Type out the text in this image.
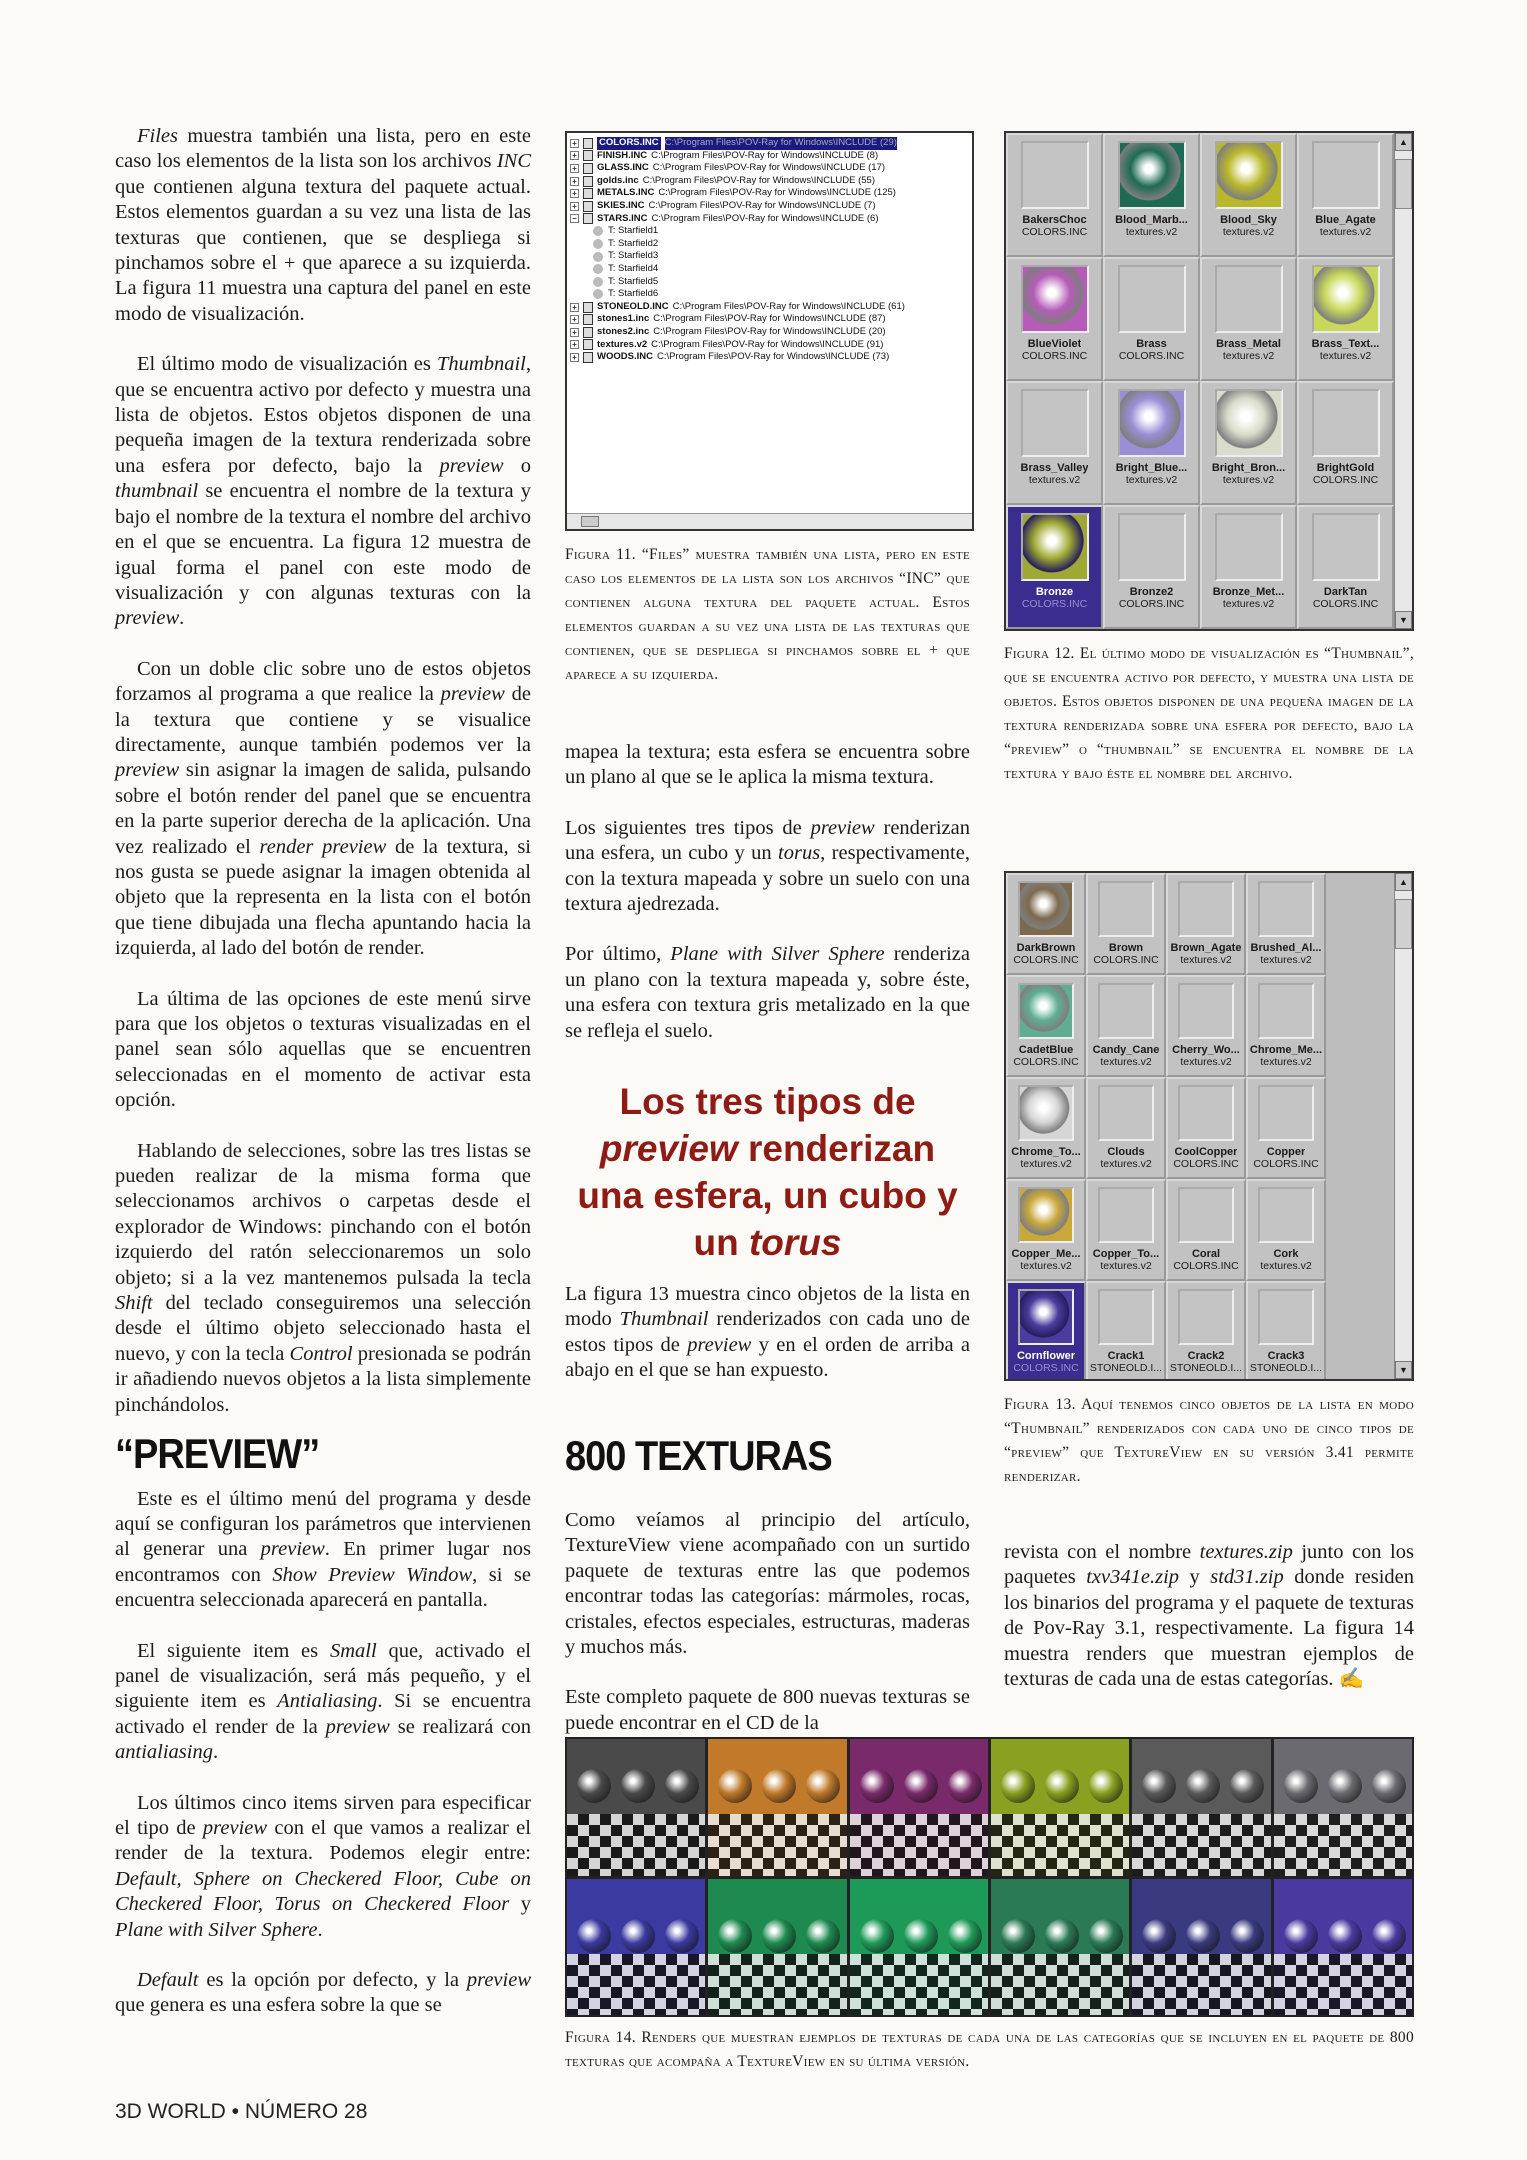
Files muestra también una lista, pero en este caso los elementos de la lista son los archivos INC que contienen alguna textura del paquete actual. Estos elementos guardan a su vez una lista de las texturas que contienen, que se despliega si pinchamos sobre el + que aparece a su izquierda. La figura 11 muestra una captura del panel en este modo de visualización.

El último modo de visualización es Thumbnail, que se encuentra activo por defecto y muestra una lista de objetos. Estos objetos disponen de una pequeña imagen de la textura renderizada sobre una esfera por defecto, bajo la preview o thumbnail se encuentra el nombre de la textura y bajo el nombre de la textura el nombre del archivo en el que se encuentra. La figura 12 muestra de igual forma el panel con este modo de visualización y con algunas texturas con la preview.

Con un doble clic sobre uno de estos objetos forzamos al programa a que realice la preview de la textura que contiene y se visualice directamente, aunque también podemos ver la preview sin asignar la imagen de salida, pulsando sobre el botón render del panel que se encuentra en la parte superior derecha de la aplicación. Una vez realizado el render preview de la textura, si nos gusta se puede asignar la imagen obtenida al objeto que la representa en la lista con el botón que tiene dibujada una flecha apuntando hacia la izquierda, al lado del botón de render.

La última de las opciones de este menú sirve para que los objetos o texturas visualizadas en el panel sean sólo aquellas que se encuentren seleccionadas en el momento de activar esta opción.

Hablando de selecciones, sobre las tres listas se pueden realizar de la misma forma que seleccionamos archivos o carpetas desde el explorador de Windows: pinchando con el botón izquierdo del ratón seleccionaremos un solo objeto; si a la vez mantenemos pulsada la tecla Shift del teclado conseguiremos una selección desde el último objeto seleccionado hasta el nuevo, y con la tecla Control presionada se podrán ir añadiendo nuevos objetos a la lista simplemente pinchándolos.

“PREVIEW”

Este es el último menú del programa y desde aquí se configuran los parámetros que intervienen al generar una preview. En primer lugar nos encontramos con Show Preview Window, si se encuentra seleccionada aparecerá en pantalla.

El siguiente item es Small que, activado el panel de visualización, será más pequeño, y el siguiente item es Antialiasing. Si se encuentra activado el render de la preview se realizará con antialiasing.

Los últimos cinco items sirven para especificar el tipo de preview con el que vamos a realizar el render de la textura. Podemos elegir entre: Default, Sphere on Checkered Floor, Cube on Checkered Floor, Torus on Checkered Floor y Plane with Silver Sphere.

Default es la opción por defecto, y la preview que genera es una esfera sobre la que se

+ COLORS.INC C:\Program Files\POV-Ray for Windows\INCLUDE (29)
+ FINISH.INC C:\Program Files\POV-Ray for Windows\INCLUDE (8)
+ GLASS.INC C:\Program Files\POV-Ray for Windows\INCLUDE (17)
+ golds.inc C:\Program Files\POV-Ray for Windows\INCLUDE (55)
+ METALS.INC C:\Program Files\POV-Ray for Windows\INCLUDE (125)
+ SKIES.INC C:\Program Files\POV-Ray for Windows\INCLUDE (7)
− STARS.INC C:\Program Files\POV-Ray for Windows\INCLUDE (6)
T: Starfield1
T: Starfield2
T: Starfield3
T: Starfield4
T: Starfield5
T: Starfield6
+ STONEOLD.INC C:\Program Files\POV-Ray for Windows\INCLUDE (61)
+ stones1.inc C:\Program Files\POV-Ray for Windows\INCLUDE (87)
+ stones2.inc C:\Program Files\POV-Ray for Windows\INCLUDE (20)
+ textures.v2 C:\Program Files\POV-Ray for Windows\INCLUDE (91)
+ WOODS.INC C:\Program Files\POV-Ray for Windows\INCLUDE (73)
Figura 11. “Files” muestra también una lista, pero en este caso los elementos de la lista son los archivos “INC” que contienen alguna textura del paquete actual. Estos elementos guardan a su vez una lista de las texturas que contienen, que se despliega si pinchamos sobre el + que aparece a su izquierda.

mapea la textura; esta esfera se encuentra sobre un plano al que se le aplica la misma textura.

Los siguientes tres tipos de preview renderizan una esfera, un cubo y un torus, respectivamente, con la textura mapeada y sobre un suelo con una textura ajedrezada.

Por último, Plane with Silver Sphere renderiza un plano con la textura mapeada y, sobre éste, una esfera con textura gris metalizado en la que se refleja el suelo.

Los tres tipos de preview renderizan una esfera, un cubo y un torus

La figura 13 muestra cinco objetos de la lista en modo Thumbnail renderizados con cada uno de estos tipos de preview y en el orden de arriba a abajo en el que se han expuesto.

800 TEXTURAS

Como veíamos al principio del artículo, TextureView viene acompañado con un surtido paquete de texturas entre las que podemos encontrar todas las categorías: mármoles, rocas, cristales, efectos especiales, estructuras, maderas y muchos más.

Este completo paquete de 800 nuevas texturas se puede encontrar en el CD de la

BakersChoc
COLORS.INC
Blood_Marb...
textures.v2
Blood_Sky
textures.v2
Blue_Agate
textures.v2
BlueViolet
COLORS.INC
Brass
COLORS.INC
Brass_Metal
textures.v2
Brass_Text...
textures.v2
Brass_Valley
textures.v2
Bright_Blue...
textures.v2
Bright_Bron...
textures.v2
BrightGold
COLORS.INC
Bronze
COLORS.INC
Bronze2
COLORS.INC
Bronze_Met...
textures.v2
DarkTan
COLORS.INC
▲
▼
Figura 12. El último modo de visualización es “Thumbnail”, que se encuentra activo por defecto, y muestra una lista de objetos. Estos objetos disponen de una pequeña imagen de la textura renderizada sobre una esfera por defecto, bajo la “preview” o “thumbnail” se encuentra el nombre de la textura y bajo éste el nombre del archivo.
DarkBrown
COLORS.INC
Brown
COLORS.INC
Brown_Agate
textures.v2
Brushed_Al...
textures.v2
CadetBlue
COLORS.INC
Candy_Cane
textures.v2
Cherry_Wo...
textures.v2
Chrome_Me...
textures.v2
Chrome_To...
textures.v2
Clouds
textures.v2
CoolCopper
COLORS.INC
Copper
COLORS.INC
Copper_Me...
textures.v2
Copper_To...
textures.v2
Coral
COLORS.INC
Cork
textures.v2
Cornflower
COLORS.INC
Crack1
STONEOLD.I...
Crack2
STONEOLD.I...
Crack3
STONEOLD.I...
▲
▼
Figura 13. Aquí tenemos cinco objetos de la lista en modo “Thumbnail” renderizados con cada uno de cinco tipos de “preview” que TextureView en su versión 3.41 permite renderizar.

revista con el nombre textures.zip junto con los paquetes txv341e.zip y std31.zip donde residen los binarios del programa y el paquete de texturas de Pov-Ray 3.1, respectivamente. La figura 14 muestra renders que muestran ejemplos de texturas de cada una de estas categorías. ✍

Figura 14. Renders que muestran ejemplos de texturas de cada una de las categorías que se incluyen en el paquete de 800 texturas que acompaña a TextureView en su última versión.
3D WORLD • NÚMERO 28
